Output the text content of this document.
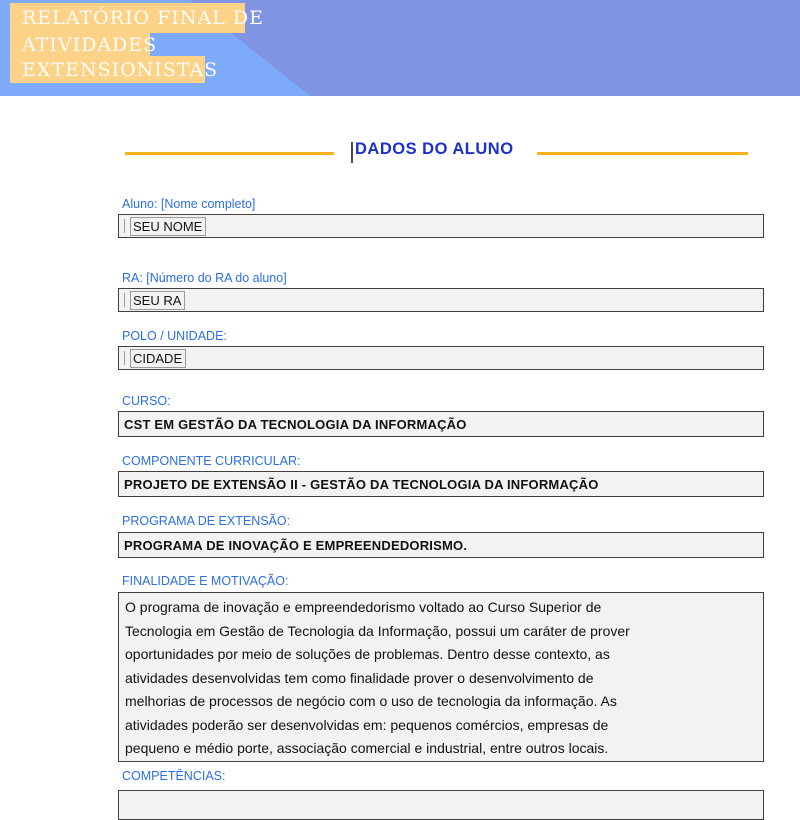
RELATÓRIO FINAL DE
ATIVIDADES
EXTENSIONISTAS
DADOS DO ALUNO
Aluno: [Nome completo]
SEU NOME
RA: [Número do RA do aluno]
SEU RA
POLO / UNIDADE:
CIDADE
CURSO:
CST EM GESTÃO DA TECNOLOGIA DA INFORMAÇÃO
COMPONENTE CURRICULAR:
PROJETO DE EXTENSÃO II - GESTÃO DA TECNOLOGIA DA INFORMAÇÃO
PROGRAMA DE EXTENSÃO:
PROGRAMA DE INOVAÇÃO E EMPREENDEDORISMO.
FINALIDADE E MOTIVAÇÃO:
O programa de inovação e empreendedorismo voltado ao Curso Superior de
Tecnologia em Gestão de Tecnologia da Informação, possui um caráter de prover
oportunidades por meio de soluções de problemas. Dentro desse contexto, as
atividades desenvolvidas tem como finalidade prover o desenvolvimento de
melhorias de processos de negócio com o uso de tecnologia da informação. As
atividades poderão ser desenvolvidas em: pequenos comércios, empresas de
pequeno e médio porte, associação comercial e industrial, entre outros locais.
COMPETÊNCIAS:
